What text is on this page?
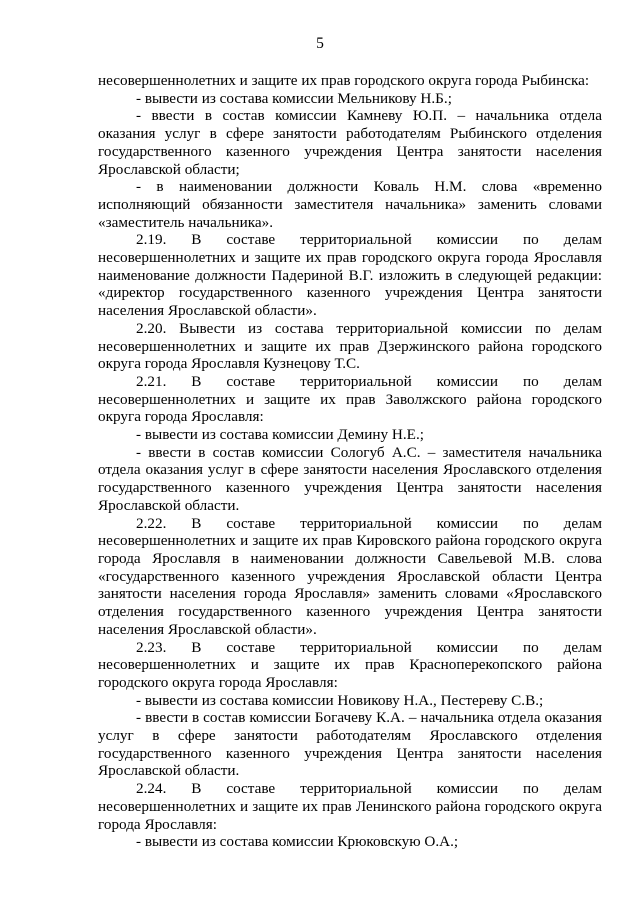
5

несовершеннолетних и защите их прав городского округа города Рыбинска:

- вывести из состава комиссии Мельникову Н.Б.;

- ввести в состав комиссии Камневу Ю.П. – начальника отдела оказания услуг в сфере занятости работодателям Рыбинского отделения государственного казенного учреждения Центра занятости населения Ярославской области;

- в наименовании должности Коваль Н.М. слова «временно исполняющий обязанности заместителя начальника» заменить словами «заместитель начальника».

2.19. В составе территориальной комиссии по делам несовершеннолетних и защите их прав городского округа города Ярославля наименование должности Падериной В.Г. изложить в следующей редакции: «директор государственного казенного учреждения Центра занятости населения Ярославской области».

2.20. Вывести из состава территориальной комиссии по делам несовершеннолетних и защите их прав Дзержинского района городского округа города Ярославля Кузнецову Т.С.

2.21. В составе территориальной комиссии по делам несовершеннолетних и защите их прав Заволжского района городского округа города Ярославля:

- вывести из состава комиссии Демину Н.Е.;

- ввести в состав комиссии Сологуб А.С. – заместителя начальника отдела оказания услуг в сфере занятости населения Ярославского отделения государственного казенного учреждения Центра занятости населения Ярославской области.

2.22. В составе территориальной комиссии по делам несовершеннолетних и защите их прав Кировского района городского округа города Ярославля в наименовании должности Савельевой М.В. слова «государственного казенного учреждения Ярославской области Центра занятости населения города Ярославля» заменить словами «Ярославского отделения государственного казенного учреждения Центра занятости населения Ярославской области».

2.23. В составе территориальной комиссии по делам несовершеннолетних и защите их прав Красноперекопского района городского округа города Ярославля:

- вывести из состава комиссии Новикову Н.А., Пестереву С.В.;

- ввести в состав комиссии Богачеву К.А. – начальника отдела оказания услуг в сфере занятости работодателям Ярославского отделения государственного казенного учреждения Центра занятости населения Ярославской области.

2.24. В составе территориальной комиссии по делам несовершеннолетних и защите их прав Ленинского района городского округа города Ярославля:

- вывести из состава комиссии Крюковскую О.А.;
